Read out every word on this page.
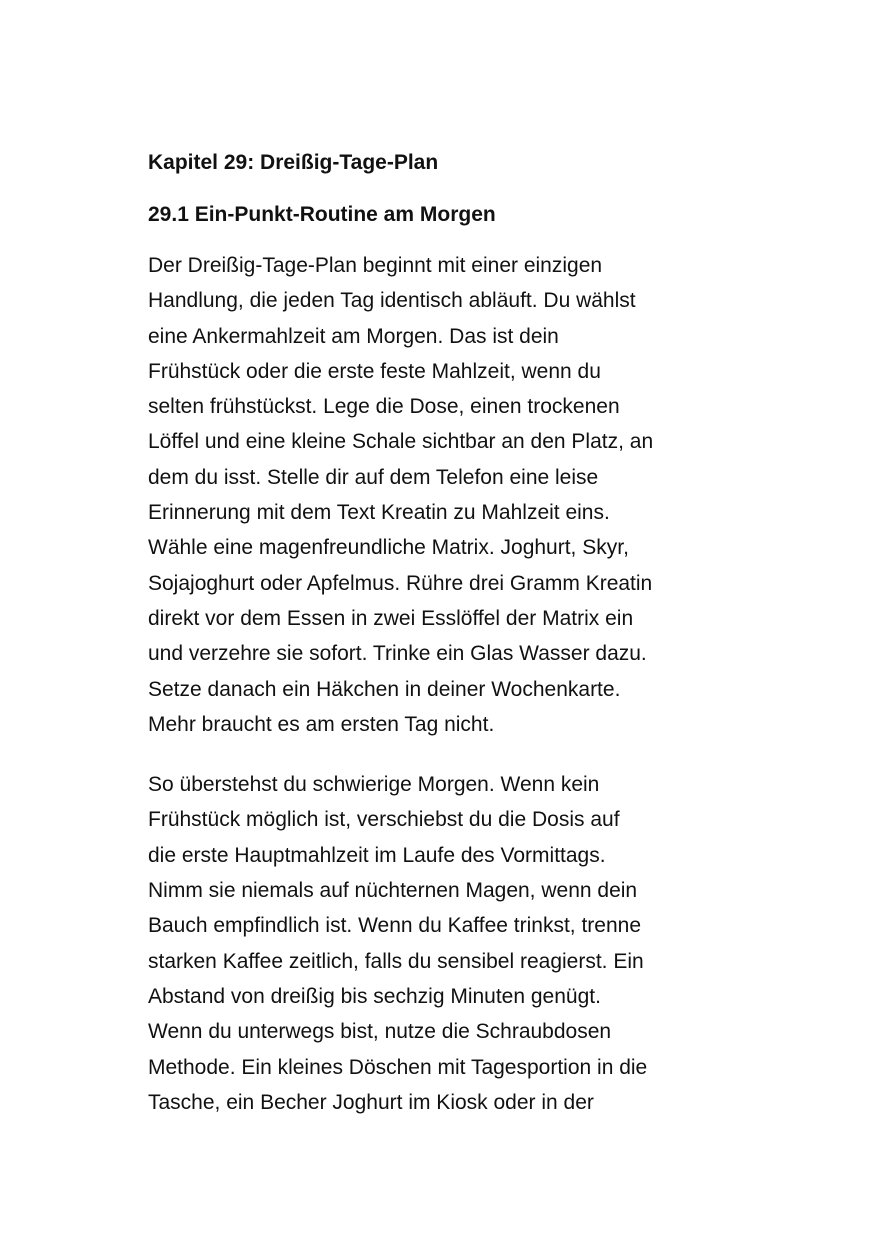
Kapitel 29: Dreißig-Tage-Plan
29.1 Ein-Punkt-Routine am Morgen
Der Dreißig-Tage-Plan beginnt mit einer einzigen
Handlung, die jeden Tag identisch abläuft. Du wählst
eine Ankermahlzeit am Morgen. Das ist dein
Frühstück oder die erste feste Mahlzeit, wenn du
selten frühstückst. Lege die Dose, einen trockenen
Löffel und eine kleine Schale sichtbar an den Platz, an
dem du isst. Stelle dir auf dem Telefon eine leise
Erinnerung mit dem Text Kreatin zu Mahlzeit eins.
Wähle eine magenfreundliche Matrix. Joghurt, Skyr,
Sojajoghurt oder Apfelmus. Rühre drei Gramm Kreatin
direkt vor dem Essen in zwei Esslöffel der Matrix ein
und verzehre sie sofort. Trinke ein Glas Wasser dazu.
Setze danach ein Häkchen in deiner Wochenkarte.
Mehr braucht es am ersten Tag nicht.
So überstehst du schwierige Morgen. Wenn kein
Frühstück möglich ist, verschiebst du die Dosis auf
die erste Hauptmahlzeit im Laufe des Vormittags.
Nimm sie niemals auf nüchternen Magen, wenn dein
Bauch empfindlich ist. Wenn du Kaffee trinkst, trenne
starken Kaffee zeitlich, falls du sensibel reagierst. Ein
Abstand von dreißig bis sechzig Minuten genügt.
Wenn du unterwegs bist, nutze die Schraubdosen
Methode. Ein kleines Döschen mit Tagesportion in die
Tasche, ein Becher Joghurt im Kiosk oder in der
